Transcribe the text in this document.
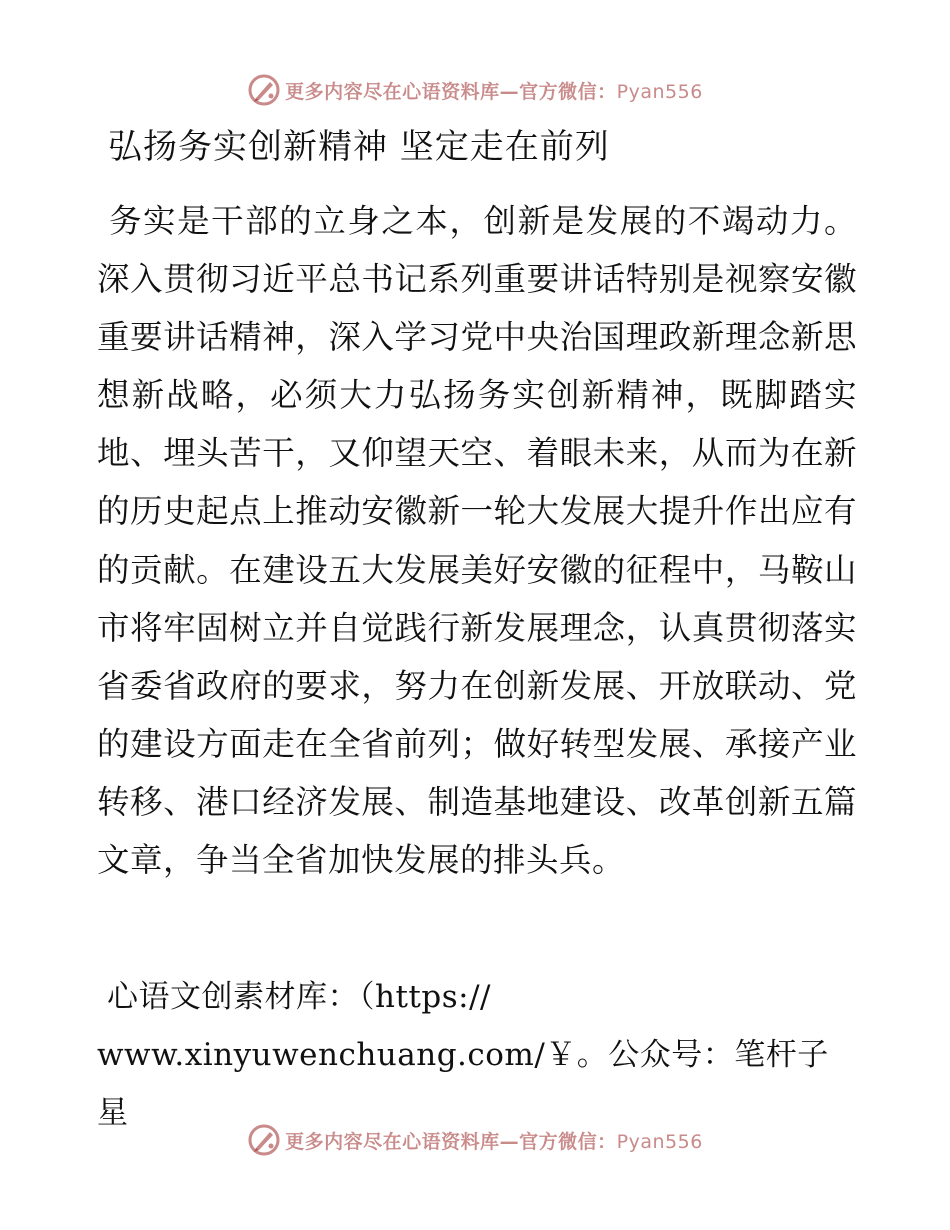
更多内容尽在心语资料库—官方微信：Pyan556
弘扬务实创新精神 坚定走在前列

务实是干部的立身之本，创新是发展的不竭动力。深入贯彻习近平总书记系列重要讲话特别是视察安徽重要讲话精神，深入学习党中央治国理政新理念新思想新战略，必须大力弘扬务实创新精神，既脚踏实地、埋头苦干，又仰望天空、着眼未来，从而为在新的历史起点上推动安徽新一轮大发展大提升作出应有的贡献。在建设五大发展美好安徽的征程中，马鞍山市将牢固树立并自觉践行新发展理念，认真贯彻落实省委省政府的要求，努力在创新发展、开放联动、党的建设方面走在全省前列；做好转型发展、承接产业转移、港口经济发展、制造基地建设、改革创新五篇文章，争当全省加快发展的排头兵。

心语文创素材库：（https://
www.xinyuwenchuang.com/￥。公众号：笔杆子星
更多内容尽在心语资料库—官方微信：Pyan556
